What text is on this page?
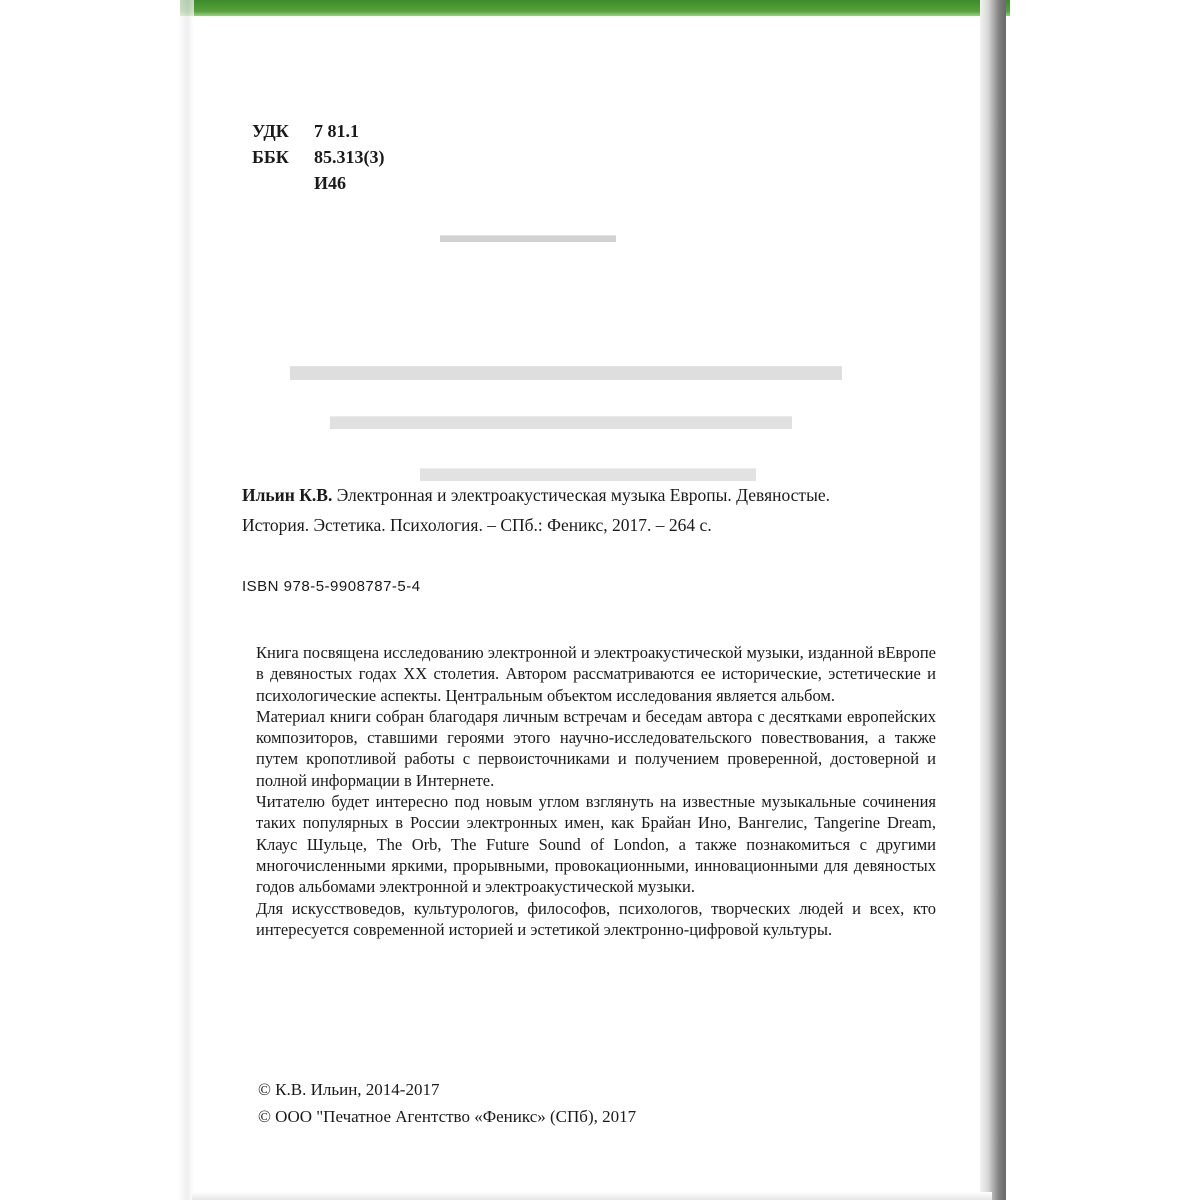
▬▬▬▬▬▬▬▬
▬▬▬▬▬▬▬▬▬▬▬▬
▬▬▬▬▬▬▬▬▬▬▬
▬▬▬▬▬▬▬▬
УДК	7 81.1
ББК	85.313(3)
И46
Ильин К.В. Электронная и электроакустическая музыка Европы. Девяностые.
История. Эстетика. Психология. – СПб.: Феникс, 2017. – 264 с.
ISBN 978-5-9908787-5-4

Книга посвящена исследованию электронной и электроакустической музыки, изданной вЕвропе в девяностых годах XX столетия. Автором рассматриваются ее историческиe, эстетические и психологические аспекты. Центральным объектом исследования является альбом.

Материал книги собран благодаря личным встречам и беседам автора с десятками европейских композиторов, ставшими героями этого научно-исследовательского повествования, а также путем кропотливой работы с первоисточниками и получением проверенной, достоверной и полной информации в Интернете.

Читателю будет интересно под новым углом взглянуть на известные музыкальные сочинения таких популярных в России электронных имен, как Брайан Ино, Вангелис, Tangerine Dream, Клаус Шульце, The Orb, The Future Sound of London, а также познакомиться с другими многочисленными яркими, прорывными, провокационными, инновационными для девяностых годов альбомами электронной и электроакустической музыки.

Для искусствоведов, культурологов, философов, психологов, творческих людей и всех, кто интересуется современной историей и эстетикой электронно-цифровой культуры.

© К.В. Ильин, 2014-2017
© ООО "Печатное Агентство «Феникс» (СПб), 2017
